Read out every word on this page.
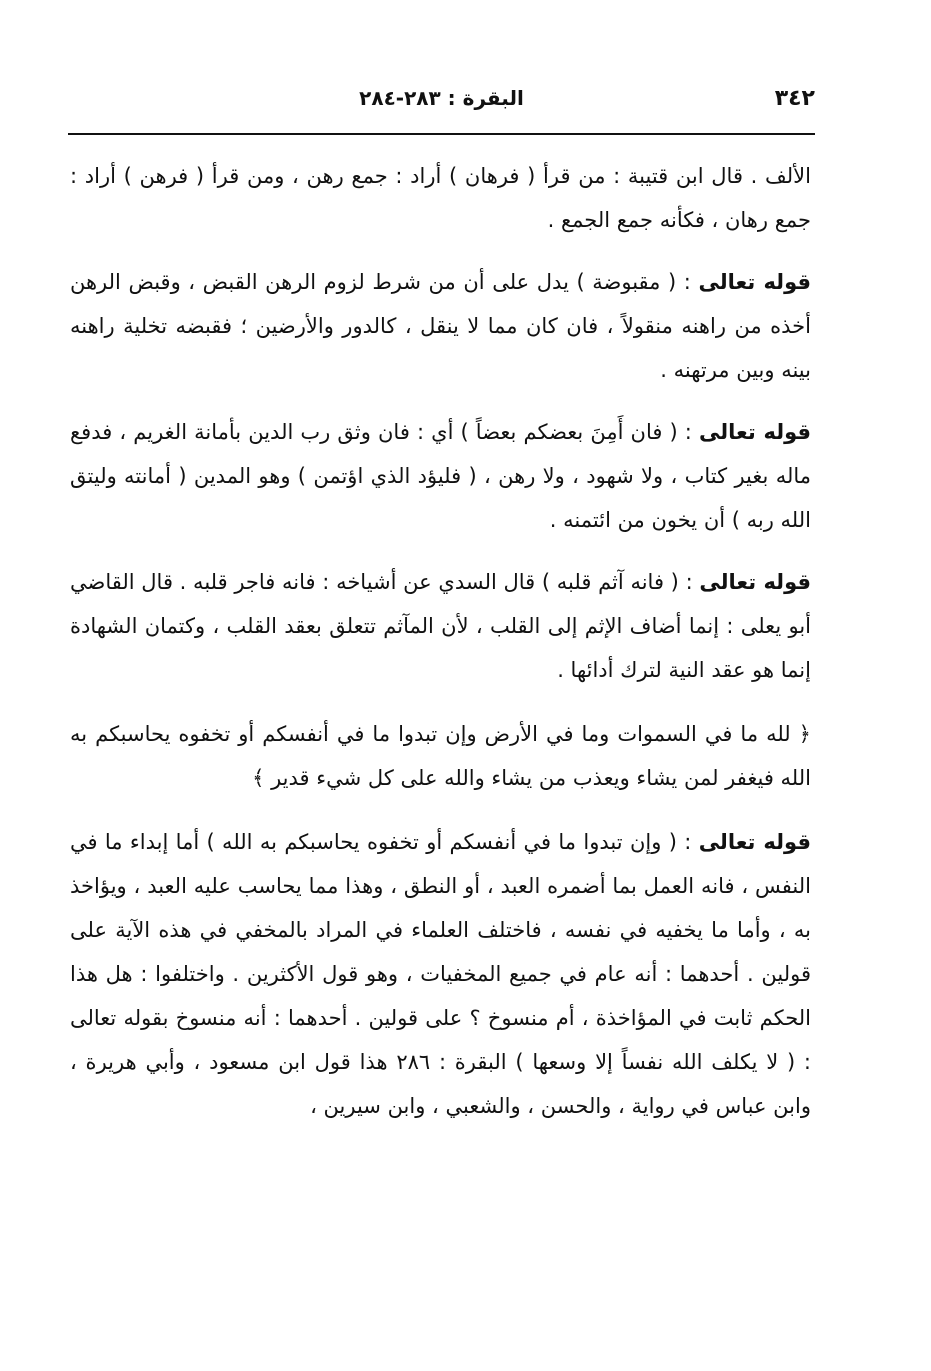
٣٤٢
البقرة : ٢٨٣-٢٨٤

الألف . قال ابن قتيبة : من قرأ ( فرهان ) أراد : جمع رهن ، ومن قرأ ( فرهن ) أراد : جمع رهان ، فكأنه جمع الجمع .

قوله تعالى : ( مقبوضة ) يدل على أن من شرط لزوم الرهن القبض ، وقبض الرهن أخذه من راهنه منقولاً ، فان كان مما لا ينقل ، كالدور والأرضين ؛ فقبضه تخلية راهنه بينه وبين مرتهنه .

قوله تعالى : ( فان أَمِنَ بعضكم بعضاً ) أي : فان وثق رب الدين بأمانة الغريم ، فدفع ماله بغير كتاب ، ولا شهود ، ولا رهن ، ( فليؤد الذي اؤتمن ) وهو المدين ( أمانته وليتق الله ربه ) أن يخون من ائتمنه .

قوله تعالى : ( فانه آثم قلبه ) قال السدي عن أشياخه : فانه فاجر قلبه . قال القاضي أبو يعلى : إنما أضاف الإثم إلى القلب ، لأن المآثم تتعلق بعقد القلب ، وكتمان الشهادة إنما هو عقد النية لترك أدائها .

﴿ لله ما في السموات وما في الأرض وإن تبدوا ما في أنفسكم أو تخفوه يحاسبكم به الله فيغفر لمن يشاء ويعذب من يشاء والله على كل شيء قدير ﴾

قوله تعالى : ( وإن تبدوا ما في أنفسكم أو تخفوه يحاسبكم به الله ) أما إبداء ما في النفس ، فانه العمل بما أضمره العبد ، أو النطق ، وهذا مما يحاسب عليه العبد ، ويؤاخذ به ، وأما ما يخفيه في نفسه ، فاختلف العلماء في المراد بالمخفي في هذه الآية على قولين . أحدهما : أنه عام في جميع المخفيات ، وهو قول الأكثرين . واختلفوا : هل هذا الحكم ثابت في المؤاخذة ، أم منسوخ ؟ على قولين . أحدهما : أنه منسوخ بقوله تعالى : ( لا يكلف الله نفساً إلا وسعها ) البقرة : ٢٨٦ هذا قول ابن مسعود ، وأبي هريرة ، وابن عباس في رواية ، والحسن ، والشعبي ، وابن سيرين ،
